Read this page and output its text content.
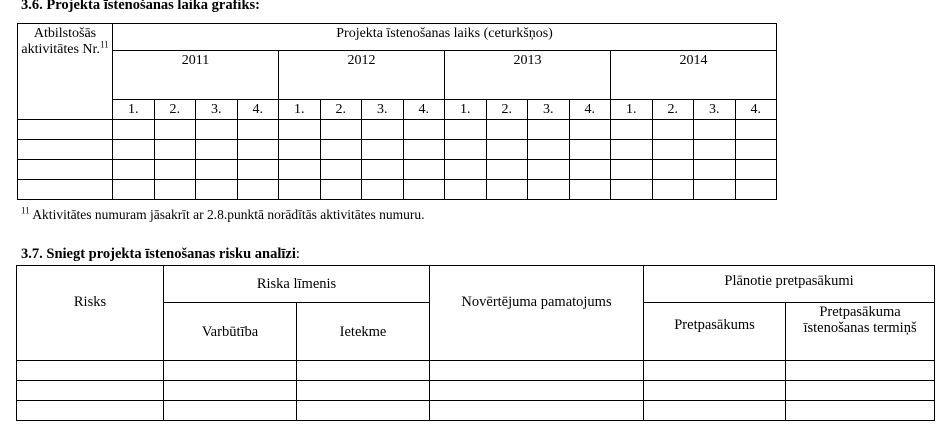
3.6. Projekta īstenošanas laika grafiks:
Atbilstošās aktivitātes Nr.$^{11}$	Projekta īstenošanas laiks (ceturkšņos)															
	2011				2012				2013				2014			
	1.	2.	3.	4.	1.	2.	3.	4.	1.	2.	3.	4.	1.	2.	3.	4.

$^{11}$ Aktivitātes numuram jāsakrīt ar 2.8.punktā norādītās aktivitātes numuru.
3.7. Sniegt projekta īstenošanas risku analīzi:
Risks	Riska līmenis		Novērtējuma pamatojums	Plānotie pretpasākumi	
	Varbūtība	Ietekme		Pretpasākums	Pretpasākuma īstenošanas termiņš
